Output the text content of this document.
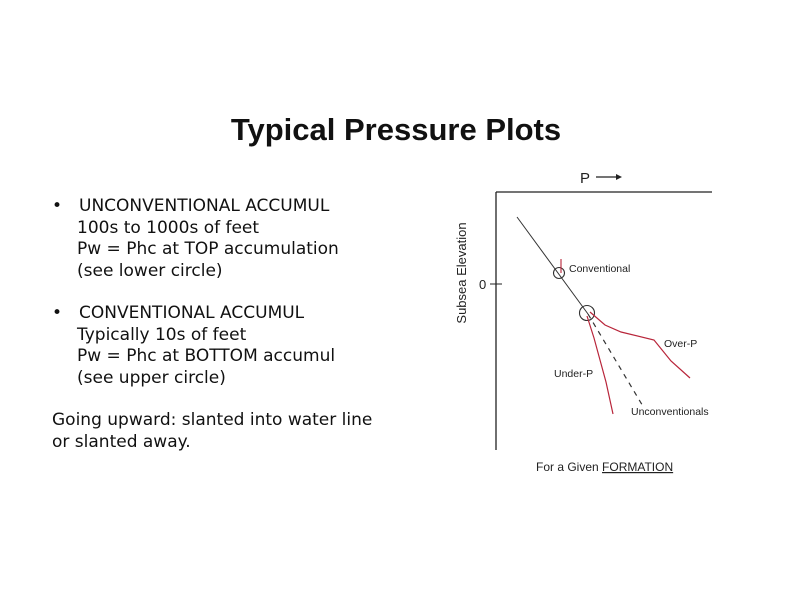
Typical Pressure Plots
• UNCONVENTIONAL ACCUMUL
100s to 1000s of feet
Pw = Phc at TOP accumulation
(see lower circle)
• CONVENTIONAL ACCUMUL
Typically 10s of feet
Pw = Phc at BOTTOM accumul
(see upper circle)
Going upward: slanted into water line
or slanted away.
P
Subsea Elevation 0
Conventional
Over-P
Under-P
Unconventionals
For a Given FORMATION
